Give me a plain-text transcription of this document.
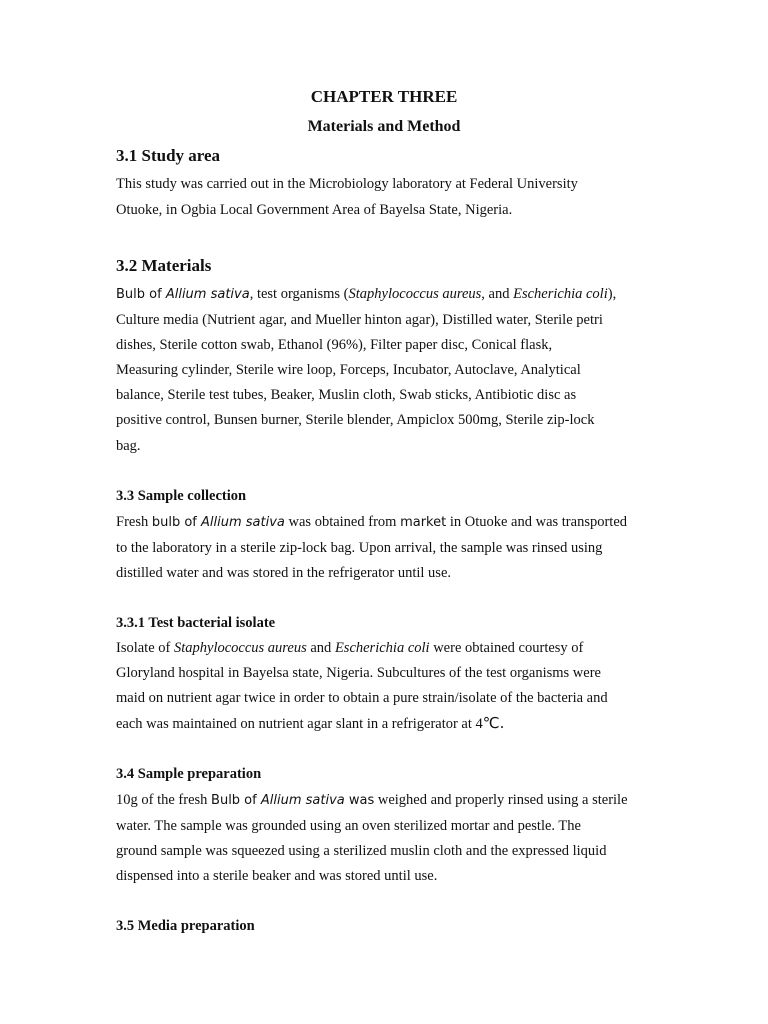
CHAPTER THREE
Materials and Method
3.1 Study area
This study was carried out in the Microbiology laboratory at Federal University
Otuoke, in Ogbia Local Government Area of Bayelsa State, Nigeria.
3.2 Materials
Bulb of Allium sativa, test organisms (Staphylococcus aureus, and Escherichia coli),
Culture media (Nutrient agar, and Mueller hinton agar), Distilled water, Sterile petri
dishes, Sterile cotton swab, Ethanol (96%), Filter paper disc, Conical flask,
Measuring cylinder, Sterile wire loop, Forceps, Incubator, Autoclave, Analytical
balance, Sterile test tubes, Beaker, Muslin cloth, Swab sticks, Antibiotic disc as
positive control, Bunsen burner, Sterile blender, Ampiclox 500mg, Sterile zip-lock
bag.
3.3 Sample collection
Fresh bulb of Allium sativa was obtained from market in Otuoke and was transported
to the laboratory in a sterile zip-lock bag. Upon arrival, the sample was rinsed using
distilled water and was stored in the refrigerator until use.
3.3.1 Test bacterial isolate
Isolate of Staphylococcus aureus and Escherichia coli were obtained courtesy of
Gloryland hospital in Bayelsa state, Nigeria. Subcultures of the test organisms were
maid on nutrient agar twice in order to obtain a pure strain/isolate of the bacteria and
each was maintained on nutrient agar slant in a refrigerator at 4℃.
3.4 Sample preparation
10g of the fresh Bulb of Allium sativa was weighed and properly rinsed using a sterile
water. The sample was grounded using an oven sterilized mortar and pestle. The
ground sample was squeezed using a sterilized muslin cloth and the expressed liquid
dispensed into a sterile beaker and was stored until use.
3.5 Media preparation
